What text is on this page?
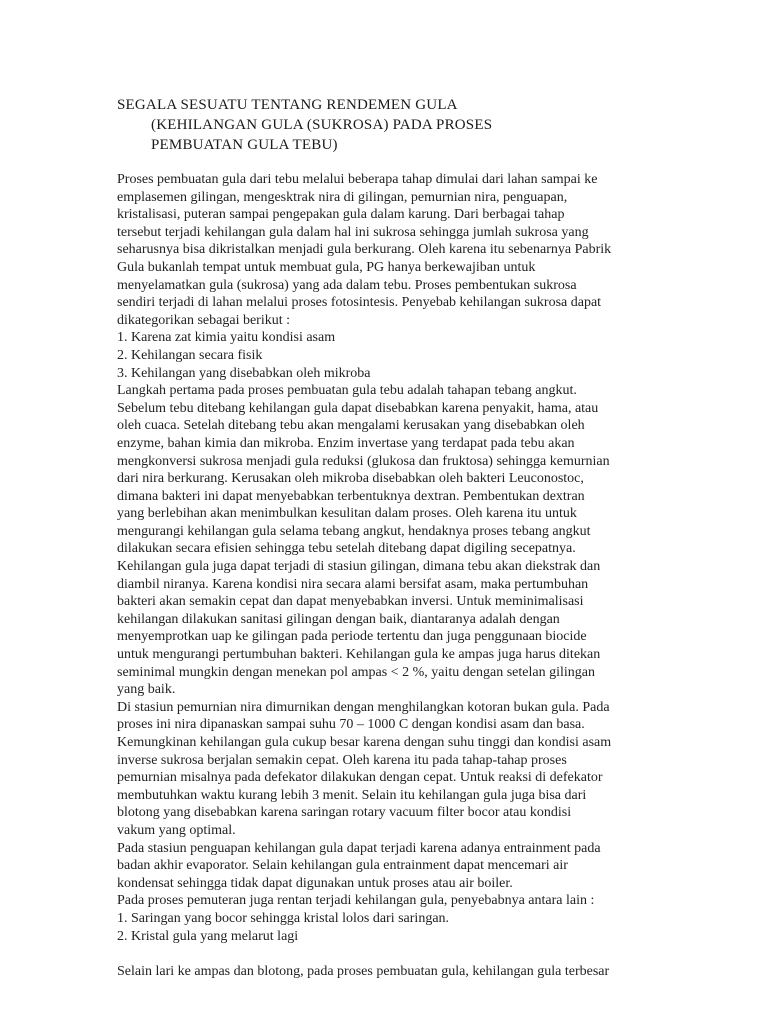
SEGALA SESUATU TENTANG RENDEMEN GULA
(KEHILANGAN GULA (SUKROSA) PADA PROSES
PEMBUATAN GULA TEBU)
Proses pembuatan gula dari tebu melalui beberapa tahap dimulai dari lahan sampai ke
emplasemen gilingan, mengesktrak nira di gilingan, pemurnian nira, penguapan,
kristalisasi, puteran sampai pengepakan gula dalam karung. Dari berbagai tahap
tersebut terjadi kehilangan gula dalam hal ini sukrosa sehingga jumlah sukrosa yang
seharusnya bisa dikristalkan menjadi gula berkurang. Oleh karena itu sebenarnya Pabrik
Gula bukanlah tempat untuk membuat gula, PG hanya berkewajiban untuk
menyelamatkan gula (sukrosa) yang ada dalam tebu. Proses pembentukan sukrosa
sendiri terjadi di lahan melalui proses fotosintesis. Penyebab kehilangan sukrosa dapat
dikategorikan sebagai berikut :
1. Karena zat kimia yaitu kondisi asam
2. Kehilangan secara fisik
3. Kehilangan yang disebabkan oleh mikroba
Langkah pertama pada proses pembuatan gula tebu adalah tahapan tebang angkut.
Sebelum tebu ditebang kehilangan gula dapat disebabkan karena penyakit, hama, atau
oleh cuaca. Setelah ditebang tebu akan mengalami kerusakan yang disebabkan oleh
enzyme, bahan kimia dan mikroba. Enzim invertase yang terdapat pada tebu akan
mengkonversi sukrosa menjadi gula reduksi (glukosa dan fruktosa) sehingga kemurnian
dari nira berkurang. Kerusakan oleh mikroba disebabkan oleh bakteri Leuconostoc,
dimana bakteri ini dapat menyebabkan terbentuknya dextran. Pembentukan dextran
yang berlebihan akan menimbulkan kesulitan dalam proses. Oleh karena itu untuk
mengurangi kehilangan gula selama tebang angkut, hendaknya proses tebang angkut
dilakukan secara efisien sehingga tebu setelah ditebang dapat digiling secepatnya.
Kehilangan gula juga dapat terjadi di stasiun gilingan, dimana tebu akan diekstrak dan
diambil niranya. Karena kondisi nira secara alami bersifat asam, maka pertumbuhan
bakteri akan semakin cepat dan dapat menyebabkan inversi. Untuk meminimalisasi
kehilangan dilakukan sanitasi gilingan dengan baik, diantaranya adalah dengan
menyemprotkan uap ke gilingan pada periode tertentu dan juga penggunaan biocide
untuk mengurangi pertumbuhan bakteri. Kehilangan gula ke ampas juga harus ditekan
seminimal mungkin dengan menekan pol ampas < 2 %, yaitu dengan setelan gilingan
yang baik.
Di stasiun pemurnian nira dimurnikan dengan menghilangkan kotoran bukan gula. Pada
proses ini nira dipanaskan sampai suhu 70 – 1000 C dengan kondisi asam dan basa.
Kemungkinan kehilangan gula cukup besar karena dengan suhu tinggi dan kondisi asam
inverse sukrosa berjalan semakin cepat. Oleh karena itu pada tahap-tahap proses
pemurnian misalnya pada defekator dilakukan dengan cepat. Untuk reaksi di defekator
membutuhkan waktu kurang lebih 3 menit. Selain itu kehilangan gula juga bisa dari
blotong yang disebabkan karena saringan rotary vacuum filter bocor atau kondisi
vakum yang optimal.
Pada stasiun penguapan kehilangan gula dapat terjadi karena adanya entrainment pada
badan akhir evaporator. Selain kehilangan gula entrainment dapat mencemari air
kondensat sehingga tidak dapat digunakan untuk proses atau air boiler.
Pada proses pemuteran juga rentan terjadi kehilangan gula, penyebabnya antara lain :
1. Saringan yang bocor sehingga kristal lolos dari saringan.
2. Kristal gula yang melarut lagi
Selain lari ke ampas dan blotong, pada proses pembuatan gula, kehilangan gula terbesar
